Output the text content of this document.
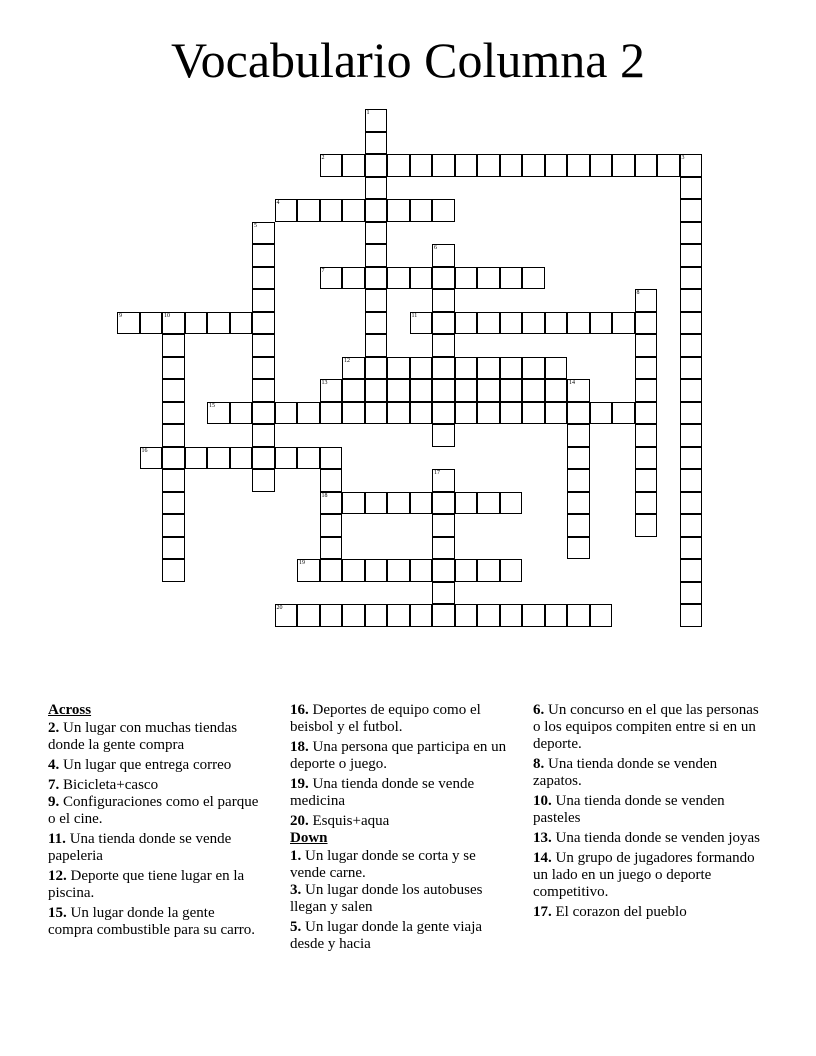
Vocabulario Columna 2
1
2	3
4
5
6
7
8
9	10	11
12
13	14
15
16
17
18
19
20
Across
2. Un lugar con muchas tiendas donde la gente compra
4. Un lugar que entrega correo
7. Bicicleta+casco
9. Configuraciones como el parque o el cine.
11. Una tienda donde se vende papeleria
12. Deporte que tiene lugar en la piscina.
15. Un lugar donde la gente compra combustible para su carro.
16. Deportes de equipo como el beisbol y el futbol.
18. Una persona que participa en un deporte o juego.
19. Una tienda donde se vende medicina
20. Esquis+aqua
Down
1. Un lugar donde se corta y se vende carne.
3. Un lugar donde los autobuses llegan y salen
5. Un lugar donde la gente viaja desde y hacia
6. Un concurso en el que las personas o los equipos compiten entre si en un deporte.
8. Una tienda donde se venden zapatos.
10. Una tienda donde se venden pasteles
13. Una tienda donde se venden joyas
14. Un grupo de jugadores formando un lado en un juego o deporte competitivo.
17. El corazon del pueblo
